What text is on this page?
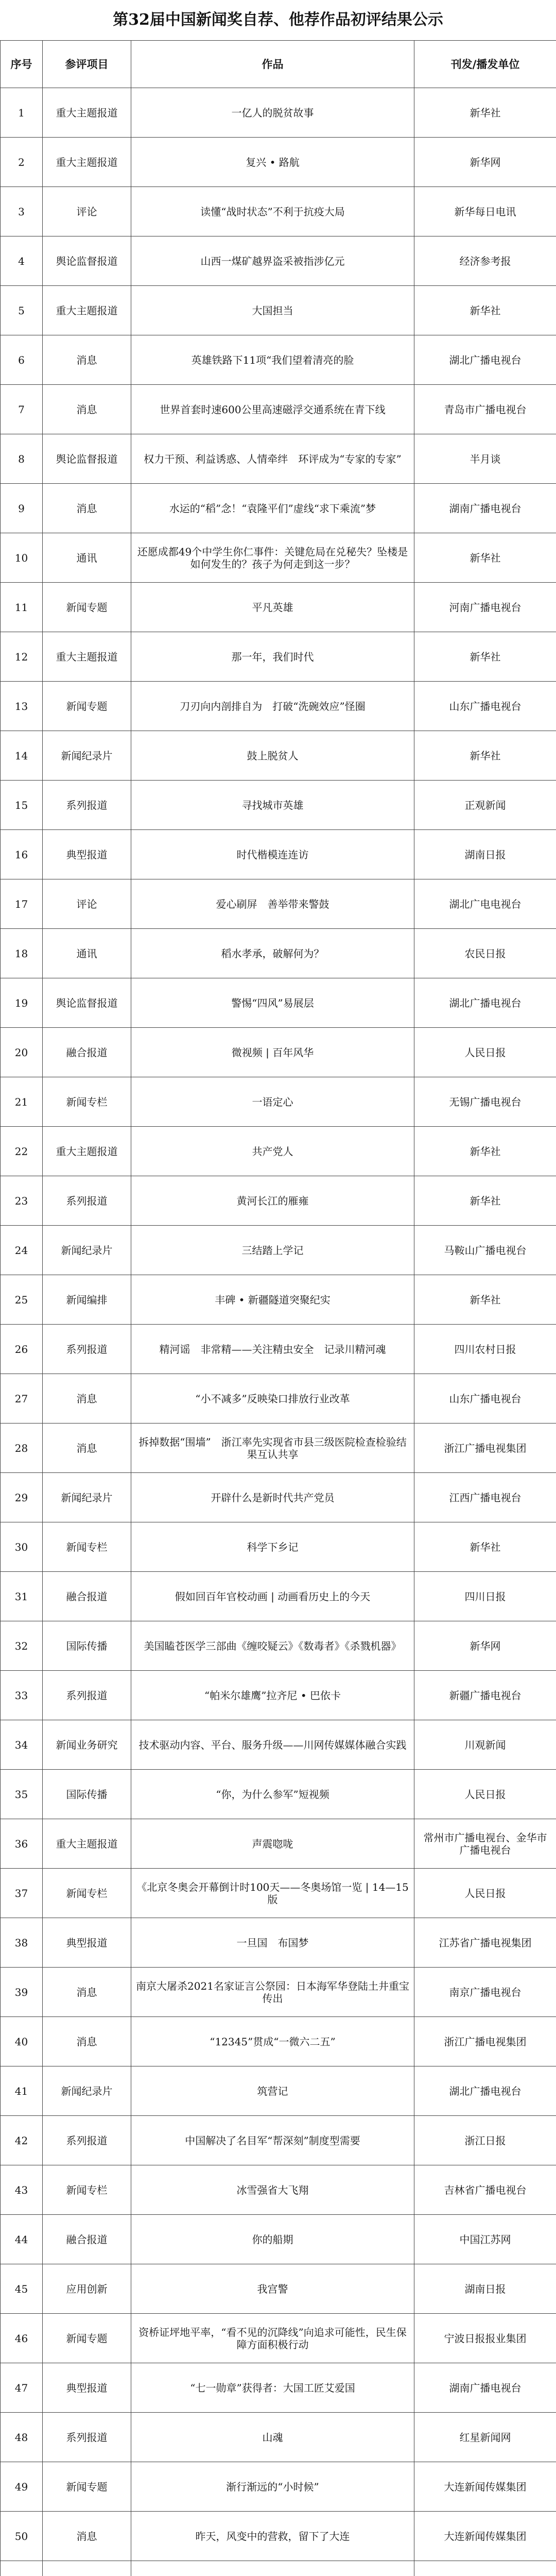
第32届中国新闻奖自荐、他荐作品初评结果公示
序号	参评项目	作品	刊发/播发单位
1	重大主题报道	一亿人的脱贫故事	新华社
2	重大主题报道	复兴 • 路航	新华网
3	评论	读懂“战时状态”不利于抗疫大局	新华每日电讯
4	舆论监督报道	山西一煤矿越界盗采被指涉亿元	经济参考报
5	重大主题报道	大国担当	新华社
6	消息	英雄铁路下11项“我们望着清亮的脸	湖北广播电视台
7	消息	世界首套时速600公里高速磁浮交通系统在青下线	青岛市广播电视台
8	舆论监督报道	权力干预、利益诱惑、人情牵绊　环评成为“专家的专家”	半月谈
9	消息	水运的“稻”念！“袁隆平们”虚线“求下乘流”梦	湖南广播电视台
10	通讯	还愿成都49个中学生你仁事件：关键危局在兑秘失？坠楼是如何发生的？孩子为何走到这一步？	新华社
11	新闻专题	平凡英雄	河南广播电视台
12	重大主题报道	那一年，我们时代	新华社
13	新闻专题	刀刃向内剖排自为　打破“洗碗效应”怪圈	山东广播电视台
14	新闻纪录片	鼓上脱贫人	新华社
15	系列报道	寻找城市英雄	正观新闻
16	典型报道	时代楷模连连访	湖南日报
17	评论	爱心刷屏　善举带来警鼓	湖北广电电视台
18	通讯	稻水孝承，破解何为？	农民日报
19	舆论监督报道	警惕“四风”易展层	湖北广播电视台
20	融合报道	微视频 | 百年风华	人民日报
21	新闻专栏	一语定心	无锡广播电视台
22	重大主题报道	共产党人	新华社
23	系列报道	黄河长江的雁雍	新华社
24	新闻纪录片	三结踏上学记	马鞍山广播电视台
25	新闻编排	丰碑 • 新疆隧道突聚纪实	新华社
26	系列报道	精河谣　非常精——关注精虫安全　记录川精河魂	四川农村日报
27	消息	“小不减多”反映染口排放行业改革	山东广播电视台
28	消息	拆掉数据“围墙”　浙江率先实现省市县三级医院检查检验结果互认共享	浙江广播电视集团
29	新闻纪录片	开辟什么是新时代共产党员	江西广播电视台
30	新闻专栏	科学下乡记	新华社
31	融合报道	假如回百年官校动画 | 动画看历史上的今天	四川日报
32	国际传播	美国瞌苍医学三部曲《缠咬疑云》《数毒者》《杀戮机器》	新华网
33	系列报道	“帕米尔雄鹰”拉齐尼 • 巴依卡	新疆广播电视台
34	新闻业务研究	技术驱动内容、平台、服务升级——川网传媒媒体融合实践	川观新闻
35	国际传播	“你，为什么参军”短视频	人民日报
36	重大主题报道	声震唿咙	常州市广播电视台、金华市广播电视台
37	新闻专栏	《北京冬奥会开幕倒计时100天——冬奥场馆一览 | 14—15版	人民日报
38	典型报道	一旦国　布国梦	江苏省广播电视集团
39	消息	南京大屠杀2021名家证言公祭园：日本海军华登陆土井重宝传出	南京广播电视台
40	消息	“12345”贯成“一微六二五”	浙江广播电视集团
41	新闻纪录片	筑营记	湖北广播电视台
42	系列报道	中国解决了名目军“帮深刻”制度型需要	浙江日报
43	新闻专栏	冰雪强省大飞翔	吉林省广播电视台
44	融合报道	你的船期	中国江苏网
45	应用创新	我宫警	湖南日报
46	新闻专题	资桥证坪地平率，“看不见的沉降线”向追求可能性，民生保障方面积极行动	宁波日报报业集团
47	典型报道	“七一勋章”获得者：大国工匠艾爱国	湖南广播电视台
48	系列报道	山魂	红星新闻网
49	新闻专题	渐行渐远的“小时候”	大连新闻传媒集团
50	消息	昨天，风变中的营救，留下了大连	大连新闻传媒集团
